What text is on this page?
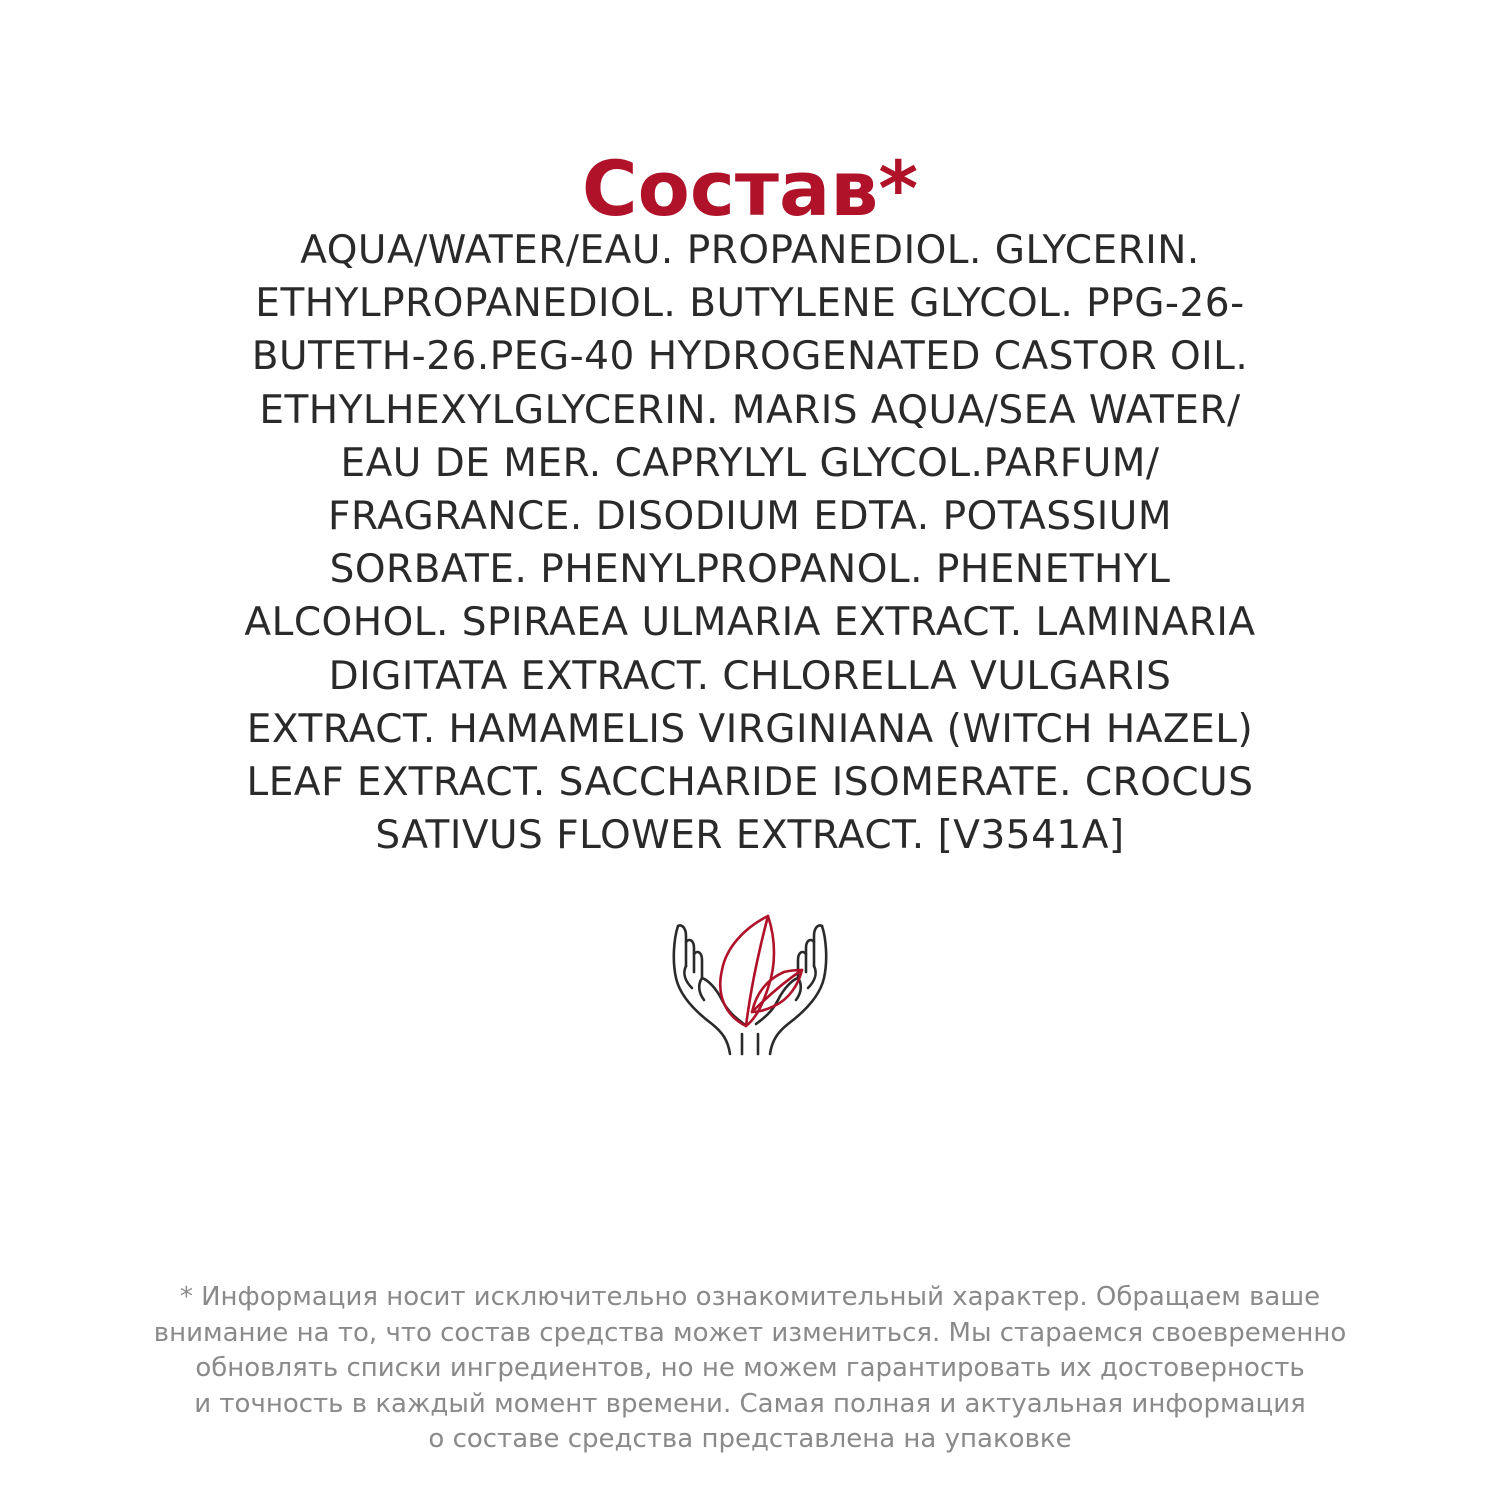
Состав*
AQUA/WATER/EAU. PROPANEDIOL. GLYCERIN.
ETHYLPROPANEDIOL. BUTYLENE GLYCOL. PPG-26-
BUTETH-26.PEG-40 HYDROGENATED CASTOR OIL.
ETHYLHEXYLGLYCERIN. MARIS AQUA/SEA WATER/
EAU DE MER. CAPRYLYL GLYCOL.PARFUM/
FRAGRANCE. DISODIUM EDTA. POTASSIUM
SORBATE. PHENYLPROPANOL. PHENETHYL
ALCOHOL. SPIRAEA ULMARIA EXTRACT. LAMINARIA
DIGITATA EXTRACT. CHLORELLA VULGARIS
EXTRACT. HAMAMELIS VIRGINIANA (WITCH HAZEL)
LEAF EXTRACT. SACCHARIDE ISOMERATE. CROCUS
SATIVUS FLOWER EXTRACT. [V3541A]
* Информация носит исключительно ознакомительный характер. Обращаем ваше
внимание на то, что состав средства может измениться. Мы стараемся своевременно
обновлять списки ингредиентов, но не можем гарантировать их достоверность
и точность в каждый момент времени. Самая полная и актуальная информация
о составе средства представлена на упаковке
